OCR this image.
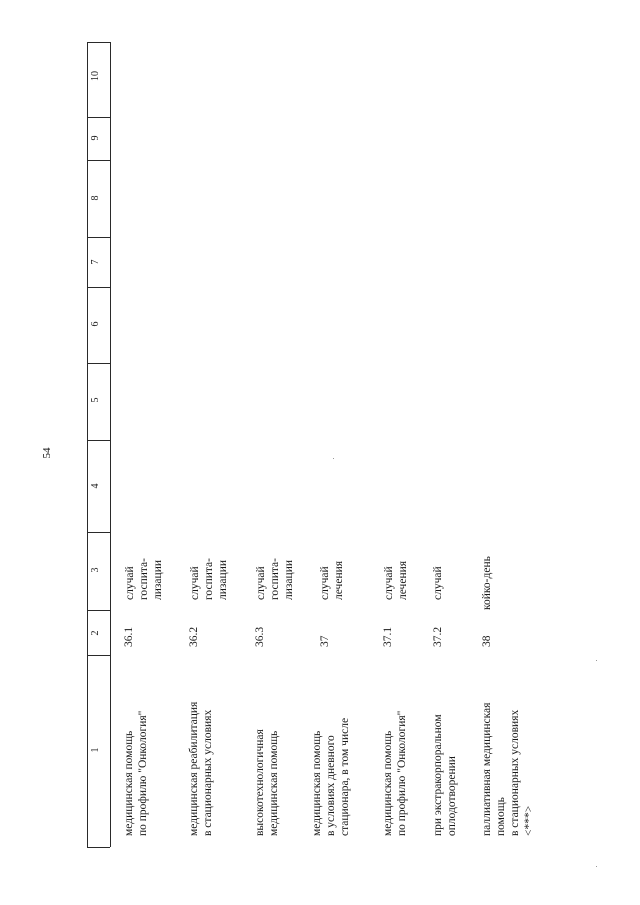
54
10
9
8
7
6
5
4
3
2
1
медицинская помощь
по профилю "Онкология"
36.1
случай
госпита-
лизации
медицинская реабилитация
в стационарных условиях
36.2
случай
госпита-
лизации
высокотехнологичная
медицинская помощь
36.3
случай
госпита-
лизации
медицинская помощь
в условиях дневного
стационара, в том числе
37
случай
лечения
медицинская помощь
по профилю "Онкология"
37.1
случай
лечения
при экстракорпоральном
оплодотворении
37.2
случай
паллиативная медицинская
помощь
в стационарных условиях
<***>
38
койко-день
